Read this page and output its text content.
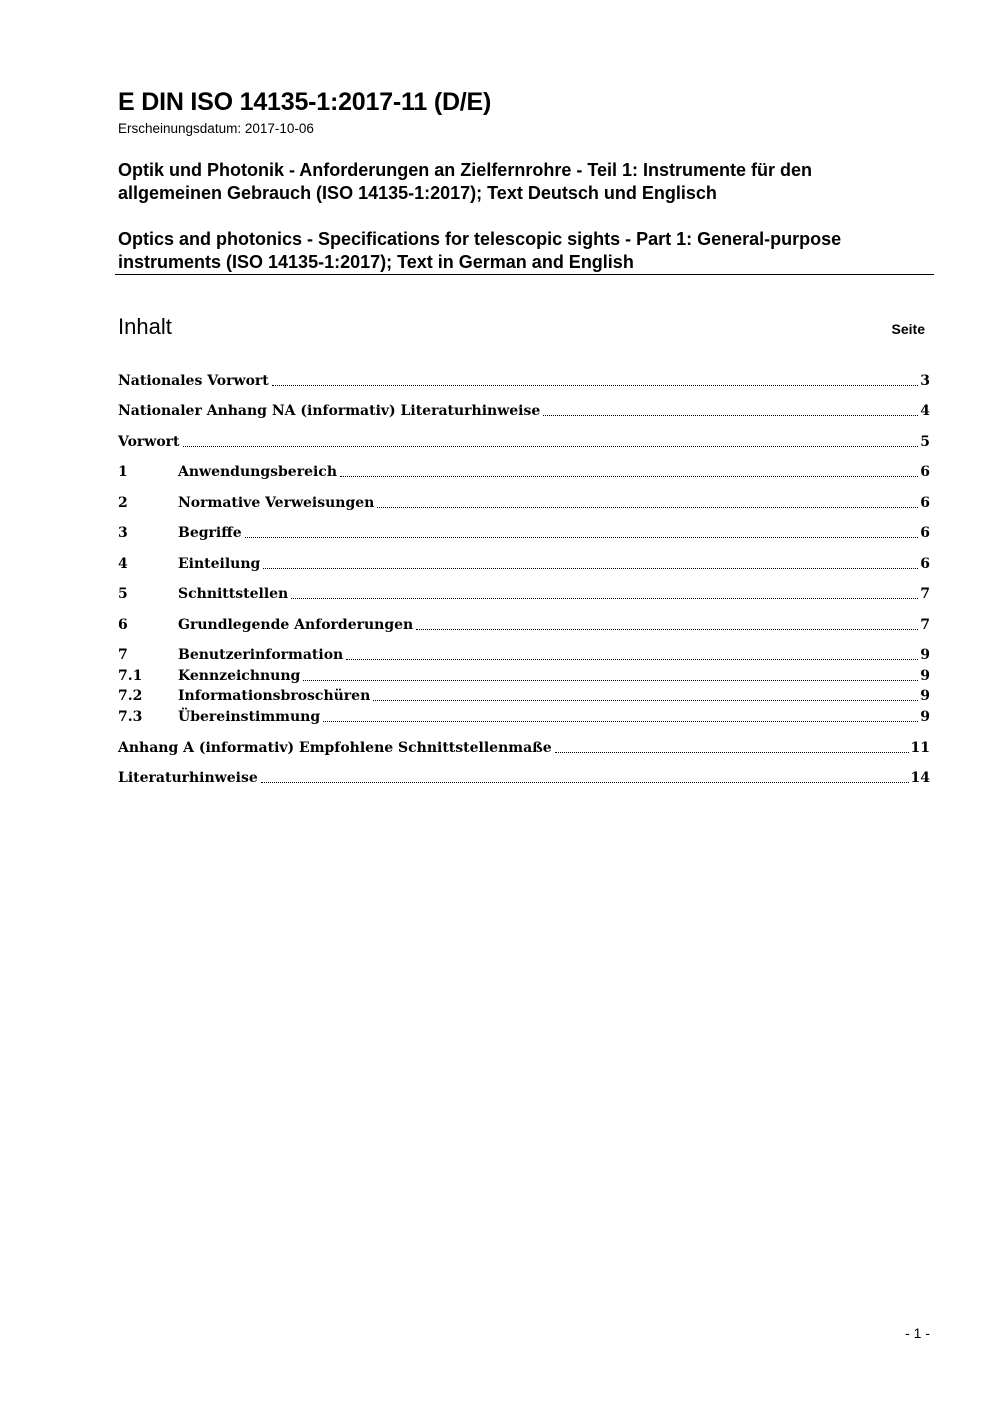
E DIN ISO 14135-1:2017-11 (D/E)
Erscheinungsdatum: 2017-10-06
Optik und Photonik - Anforderungen an Zielfernrohre - Teil 1: Instrumente für den
allgemeinen Gebrauch (ISO 14135-1:2017); Text Deutsch und Englisch
Optics and photonics - Specifications for telescopic sights - Part 1: General-purpose
instruments (ISO 14135-1:2017); Text in German and English
Inhalt	Seite
Nationales Vorwort	3
Nationaler Anhang NA (informativ) Literaturhinweise	4
Vorwort	5
1	Anwendungsbereich	6
2	Normative Verweisungen	6
3	Begriffe	6
4	Einteilung	6
5	Schnittstellen	7
6	Grundlegende Anforderungen	7
7	Benutzerinformation	9
7.1	Kennzeichnung	9
7.2	Informationsbroschüren	9
7.3	Übereinstimmung	9
Anhang A (informativ) Empfohlene Schnittstellenmaße	11
Literaturhinweise	14
- 1 -
